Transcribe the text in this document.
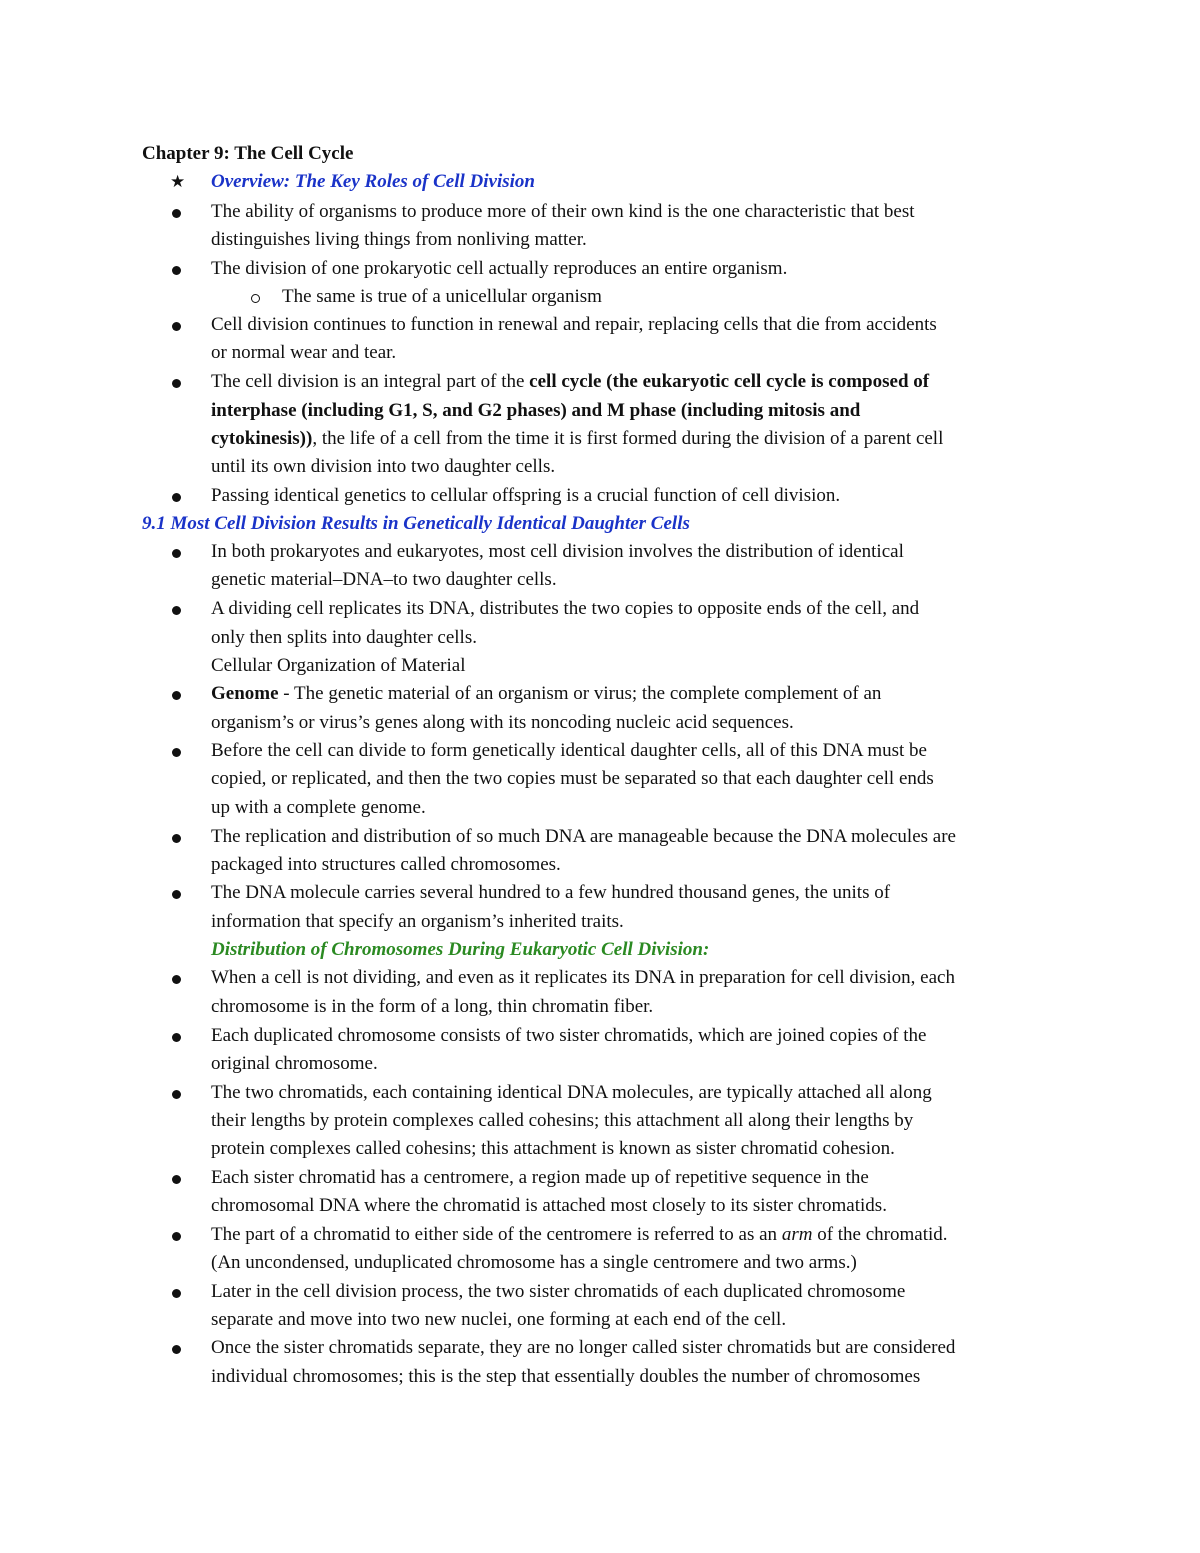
Chapter 9: The Cell Cycle
★ Overview: The Key Roles of Cell Division
The ability of organisms to produce more of their own kind is the one characteristic that best
distinguishes living things from nonliving matter.
The division of one prokaryotic cell actually reproduces an entire organism.
The same is true of a unicellular organism
Cell division continues to function in renewal and repair, replacing cells that die from accidents
or normal wear and tear.
The cell division is an integral part of the cell cycle (the eukaryotic cell cycle is composed of
interphase (including G1, S, and G2 phases) and M phase (including mitosis and
cytokinesis)), the life of a cell from the time it is first formed during the division of a parent cell
until its own division into two daughter cells.
Passing identical genetics to cellular offspring is a crucial function of cell division.
9.1 Most Cell Division Results in Genetically Identical Daughter Cells
In both prokaryotes and eukaryotes, most cell division involves the distribution of identical
genetic material–DNA–to two daughter cells.
A dividing cell replicates its DNA, distributes the two copies to opposite ends of the cell, and
only then splits into daughter cells.
Cellular Organization of Material
Genome - The genetic material of an organism or virus; the complete complement of an
organism’s or virus’s genes along with its noncoding nucleic acid sequences.
Before the cell can divide to form genetically identical daughter cells, all of this DNA must be
copied, or replicated, and then the two copies must be separated so that each daughter cell ends
up with a complete genome.
The replication and distribution of so much DNA are manageable because the DNA molecules are
packaged into structures called chromosomes.
The DNA molecule carries several hundred to a few hundred thousand genes, the units of
information that specify an organism’s inherited traits.
Distribution of Chromosomes During Eukaryotic Cell Division:
When a cell is not dividing, and even as it replicates its DNA in preparation for cell division, each
chromosome is in the form of a long, thin chromatin fiber.
Each duplicated chromosome consists of two sister chromatids, which are joined copies of the
original chromosome.
The two chromatids, each containing identical DNA molecules, are typically attached all along
their lengths by protein complexes called cohesins; this attachment all along their lengths by
protein complexes called cohesins; this attachment is known as sister chromatid cohesion.
Each sister chromatid has a centromere, a region made up of repetitive sequence in the
chromosomal DNA where the chromatid is attached most closely to its sister chromatids.
The part of a chromatid to either side of the centromere is referred to as an arm of the chromatid.
(An uncondensed, unduplicated chromosome has a single centromere and two arms.)
Later in the cell division process, the two sister chromatids of each duplicated chromosome
separate and move into two new nuclei, one forming at each end of the cell.
Once the sister chromatids separate, they are no longer called sister chromatids but are considered
individual chromosomes; this is the step that essentially doubles the number of chromosomes
